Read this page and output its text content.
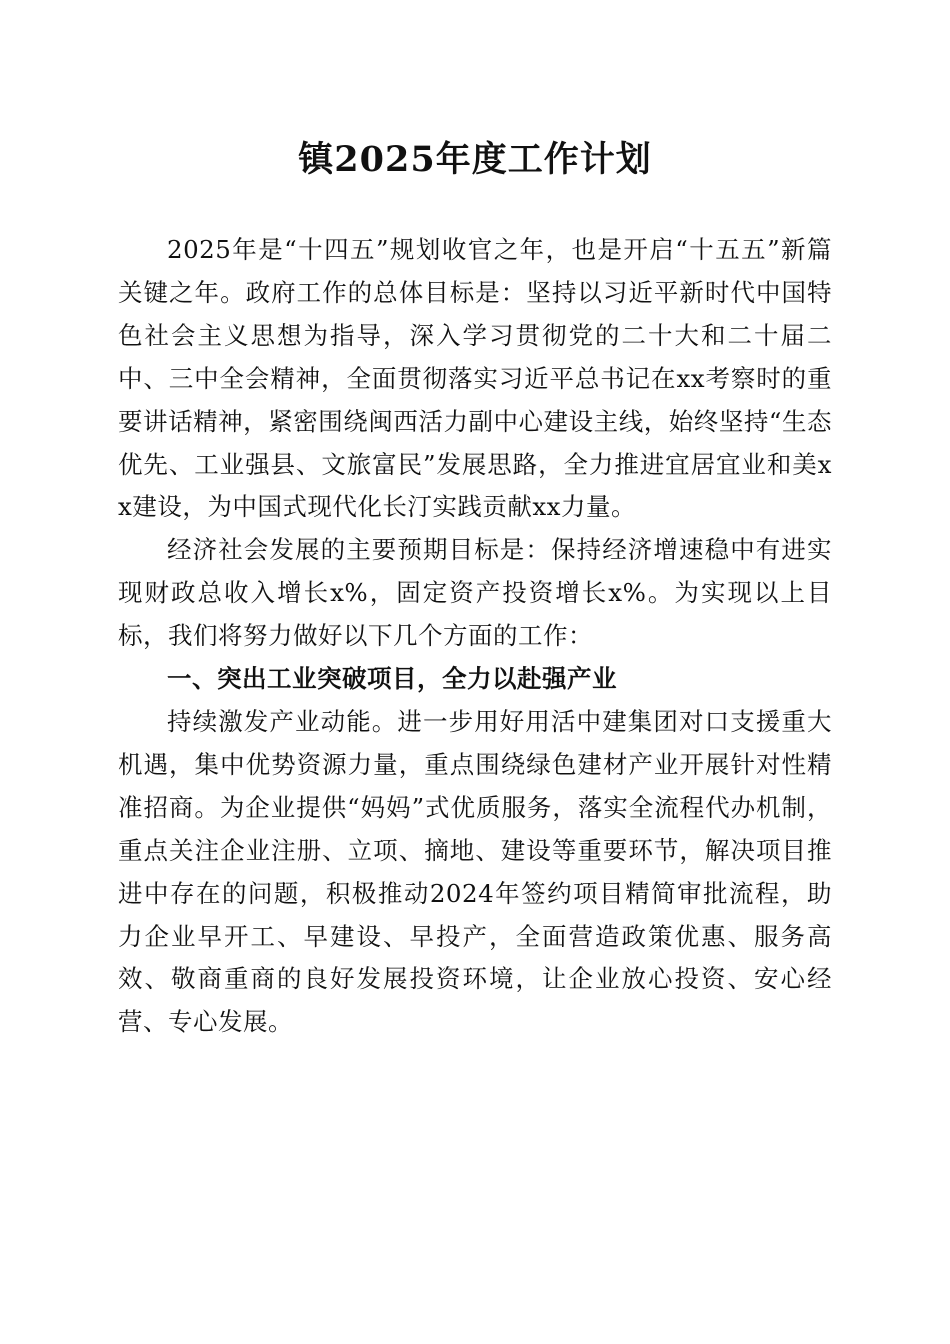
镇2025年度工作计划

2025年是“十四五”规划收官之年，也是开启“十五五”新篇关键之年。政府工作的总体目标是：坚持以习近平新时代中国特色社会主义思想为指导，深入学习贯彻党的二十大和二十届二中、三中全会精神，全面贯彻落实习近平总书记在xx考察时的重要讲话精神，紧密围绕闽西活力副中心建设主线，始终坚持“生态优先、工业强县、文旅富民”发展思路，全力推进宜居宜业和美xx建设，为中国式现代化长汀实践贡献xx力量。

经济社会发展的主要预期目标是：保持经济增速稳中有进实现财政总收入增长x%，固定资产投资增长x%。为实现以上目标，我们将努力做好以下几个方面的工作：

一、突出工业突破项目，全力以赴强产业

持续激发产业动能。进一步用好用活中建集团对口支援重大机遇，集中优势资源力量，重点围绕绿色建材产业开展针对性精准招商。为企业提供“妈妈”式优质服务，落实全流程代办机制，重点关注企业注册、立项、摘地、建设等重要环节，解决项目推进中存在的问题，积极推动2024年签约项目精简审批流程，助力企业早开工、早建设、早投产，全面营造政策优惠、服务高效、敬商重商的良好发展投资环境，让企业放心投资、安心经营、专心发展。
